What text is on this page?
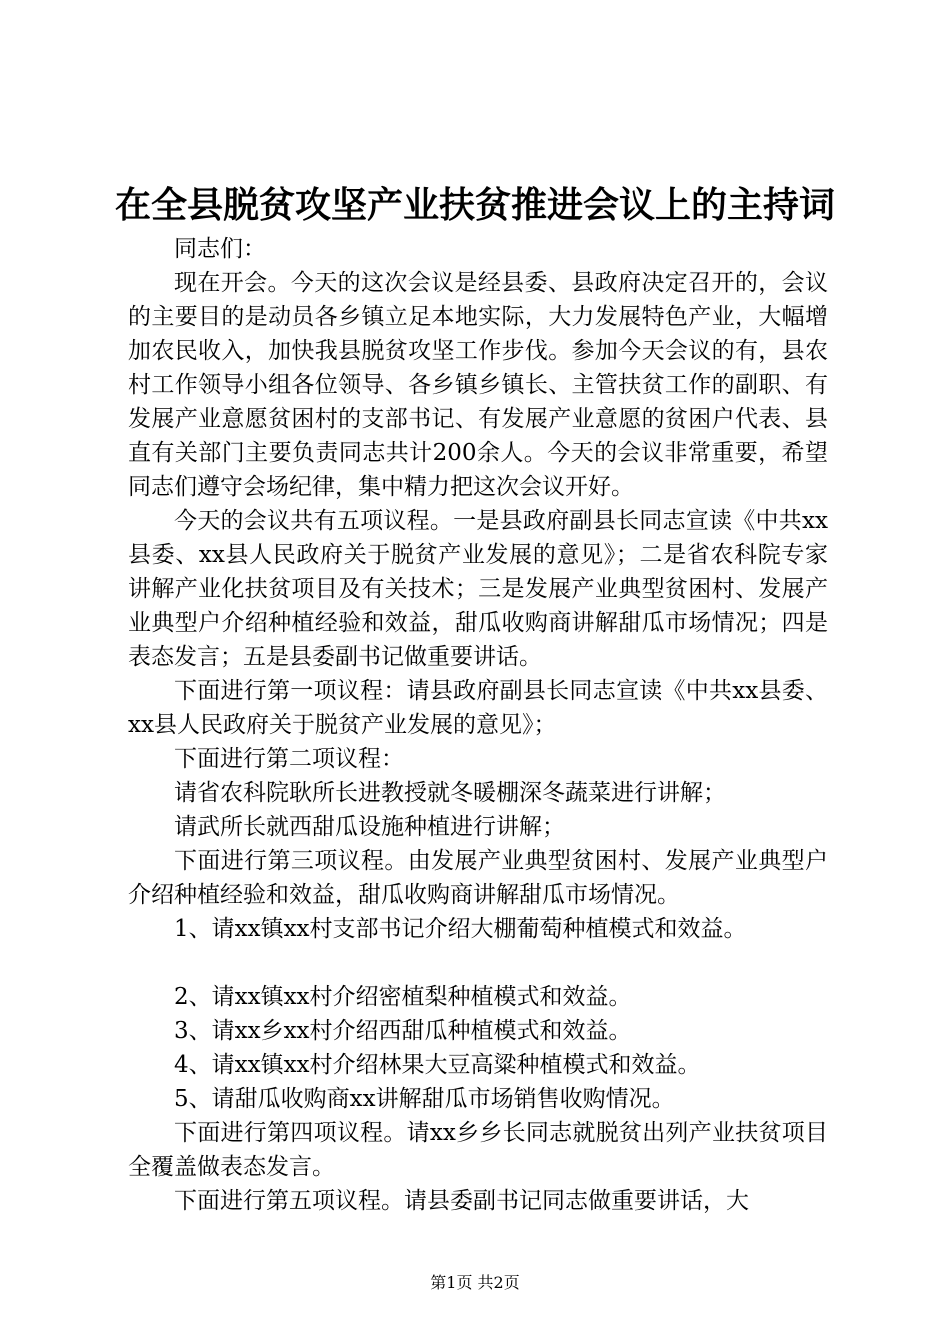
在全县脱贫攻坚产业扶贫推进会议上的主持词

同志们：

现在开会。今天的这次会议是经县委、县政府决定召开的，会议的主要目的是动员各乡镇立足本地实际，大力发展特色产业，大幅增加农民收入，加快我县脱贫攻坚工作步伐。参加今天会议的有，县农村工作领导小组各位领导、各乡镇乡镇长、主管扶贫工作的副职、有发展产业意愿贫困村的支部书记、有发展产业意愿的贫困户代表、县直有关部门主要负责同志共计200余人。今天的会议非常重要，希望同志们遵守会场纪律，集中精力把这次会议开好。

今天的会议共有五项议程。一是县政府副县长同志宣读《中共xx县委、xx县人民政府关于脱贫产业发展的意见》；二是省农科院专家讲解产业化扶贫项目及有关技术；三是发展产业典型贫困村、发展产业典型户介绍种植经验和效益，甜瓜收购商讲解甜瓜市场情况；四是表态发言；五是县委副书记做重要讲话。

下面进行第一项议程：请县政府副县长同志宣读《中共xx县委、xx县人民政府关于脱贫产业发展的意见》；

下面进行第二项议程：

请省农科院耿所长进教授就冬暖棚深冬蔬菜进行讲解；

请武所长就西甜瓜设施种植进行讲解；

下面进行第三项议程。由发展产业典型贫困村、发展产业典型户介绍种植经验和效益，甜瓜收购商讲解甜瓜市场情况。

1、请xx镇xx村支部书记介绍大棚葡萄种植模式和效益。

2、请xx镇xx村介绍密植梨种植模式和效益。

3、请xx乡xx村介绍西甜瓜种植模式和效益。

4、请xx镇xx村介绍林果大豆高粱种植模式和效益。

5、请甜瓜收购商xx讲解甜瓜市场销售收购情况。

下面进行第四项议程。请xx乡乡长同志就脱贫出列产业扶贫项目全覆盖做表态发言。

下面进行第五项议程。请县委副书记同志做重要讲话，大

第1页 共2页
